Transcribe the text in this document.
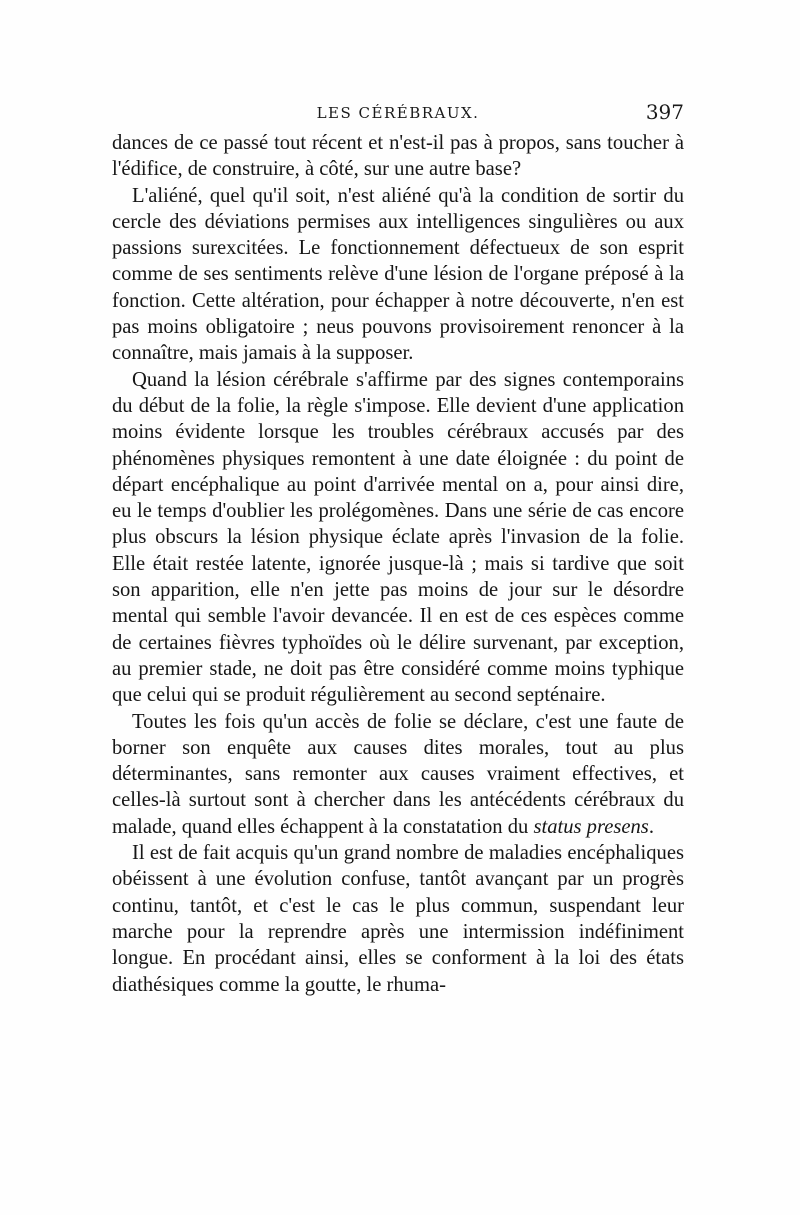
LES CÉRÉBRAUX.	397

dances de ce passé tout récent et n'est-il pas à propos, sans toucher à l'édifice, de construire, à côté, sur une autre base?

L'aliéné, quel qu'il soit, n'est aliéné qu'à la condition de sortir du cercle des déviations permises aux intelligences singulières ou aux passions surexcitées. Le fonctionnement défectueux de son esprit comme de ses sentiments relève d'une lésion de l'organe préposé à la fonction. Cette altération, pour échapper à notre découverte, n'en est pas moins obligatoire ; neus pouvons provisoirement renoncer à la connaître, mais jamais à la supposer.

Quand la lésion cérébrale s'affirme par des signes contemporains du début de la folie, la règle s'impose. Elle devient d'une application moins évidente lorsque les troubles cérébraux accusés par des phénomènes physiques remontent à une date éloignée : du point de départ encéphalique au point d'arrivée mental on a, pour ainsi dire, eu le temps d'oublier les prolégomènes. Dans une série de cas encore plus obscurs la lésion physique éclate après l'invasion de la folie. Elle était restée latente, ignorée jusque-là ; mais si tardive que soit son apparition, elle n'en jette pas moins de jour sur le désordre mental qui semble l'avoir devancée. Il en est de ces espèces comme de certaines fièvres typhoïdes où le délire survenant, par exception, au premier stade, ne doit pas être considéré comme moins typhique que celui qui se produit régulièrement au second septénaire.

Toutes les fois qu'un accès de folie se déclare, c'est une faute de borner son enquête aux causes dites morales, tout au plus déterminantes, sans remonter aux causes vraiment effectives, et celles-là surtout sont à chercher dans les antécédents cérébraux du malade, quand elles échappent à la constatation du status presens.

Il est de fait acquis qu'un grand nombre de maladies encéphaliques obéissent à une évolution confuse, tantôt avançant par un progrès continu, tantôt, et c'est le cas le plus commun, suspendant leur marche pour la reprendre après une intermission indéfiniment longue. En procédant ainsi, elles se conforment à la loi des états diathésiques comme la goutte, le rhuma-
